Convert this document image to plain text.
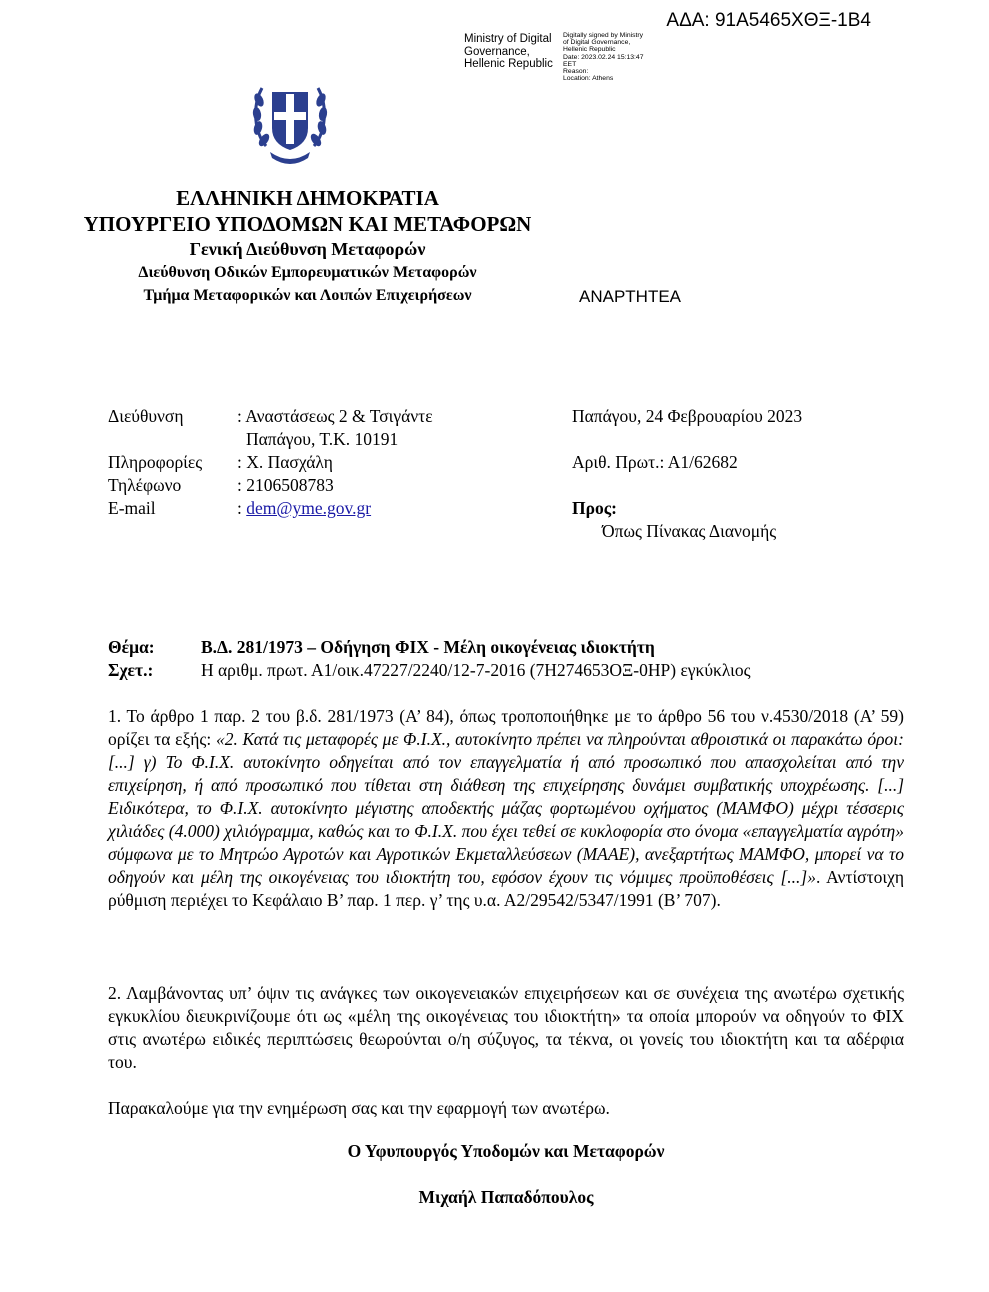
ΑΔΑ: 91Α5465ΧΘΞ-1Β4
Ministry of Digital
Governance,
Hellenic Republic
Digitally signed by Ministry
of Digital Governance,
Hellenic Republic
Date: 2023.02.24 15:13:47
EET
Reason:
Location: Athens
ΕΛΛΗΝΙΚΗ ΔΗΜΟΚΡΑΤΙΑ
ΥΠΟΥΡΓΕΙΟ ΥΠΟΔΟΜΩΝ ΚΑΙ ΜΕΤΑΦΟΡΩΝ
Γενική Διεύθυνση Μεταφορών
Διεύθυνση Οδικών Εμπορευματικών Μεταφορών
Τμήμα Μεταφορικών και Λοιπών Επιχειρήσεων	ΑΝΑΡΤΗΤΕΑ
Διεύθυνση	: Αναστάσεως 2 & Τσιγάντε
Παπάγου, Τ.Κ. 10191
Πληροφορίες	: Χ. Πασχάλη
Τηλέφωνο	: 2106508783
E-mail	: dem@yme.gov.gr
Παπάγου, 24 Φεβρουαρίου 2023
Αριθ. Πρωτ.: Α1/62682
Προς:
Όπως Πίνακας Διανομής
Θέμα:	Β.Δ. 281/1973 – Οδήγηση ΦΙΧ - Μέλη οικογένειας ιδιοκτήτη
Σχετ.:	Η αριθμ. πρωτ. Α1/οικ.47227/2240/12-7-2016 (7Η274653ΟΞ-0ΗΡ) εγκύκλιος
1. Το άρθρο 1 παρ. 2 του β.δ. 281/1973 (Α’ 84), όπως τροποποιήθηκε με το άρθρο 56 του ν.4530/2018 (Α’ 59) ορίζει τα εξής: «2. Κατά τις μεταφορές με Φ.Ι.Χ., αυτοκίνητο πρέπει να πληρούνται αθροιστικά οι παρακάτω όροι: [...] γ) Το Φ.Ι.Χ. αυτοκίνητο οδηγείται από τον επαγγελματία ή από προσωπικό που απασχολείται από την επιχείρηση, ή από προσωπικό που τίθεται στη διάθεση της επιχείρησης δυνάμει συμβατικής υποχρέωσης. [...] Ειδικότερα, το Φ.Ι.Χ. αυτοκίνητο μέγιστης αποδεκτής μάζας φορτωμένου οχήματος (ΜΑΜΦΟ) μέχρι τέσσερις χιλιάδες (4.000) χιλιόγραμμα, καθώς και το Φ.Ι.Χ. που έχει τεθεί σε κυκλοφορία στο όνομα «επαγγελματία αγρότη» σύμφωνα με το Μητρώο Αγροτών και Αγροτικών Εκμεταλλεύσεων (ΜΑΑΕ), ανεξαρτήτως ΜΑΜΦΟ, μπορεί να το οδηγούν και μέλη της οικογένειας του ιδιοκτήτη του, εφόσον έχουν τις νόμιμες προϋποθέσεις [...]». Αντίστοιχη ρύθμιση περιέχει το Κεφάλαιο Β’ παρ. 1 περ. γ’ της υ.α. Α2/29542/5347/1991 (Β’ 707).
2. Λαμβάνοντας υπ’ όψιν τις ανάγκες των οικογενειακών επιχειρήσεων και σε συνέχεια της ανωτέρω σχετικής εγκυκλίου διευκρινίζουμε ότι ως «μέλη της οικογένειας του ιδιοκτήτη» τα οποία μπορούν να οδηγούν το ΦΙΧ στις ανωτέρω ειδικές περιπτώσεις θεωρούνται ο/η σύζυγος, τα τέκνα, οι γονείς του ιδιοκτήτη και τα αδέρφια του.
Παρακαλούμε για την ενημέρωση σας και την εφαρμογή των ανωτέρω.
Ο Υφυπουργός Υποδομών και Μεταφορών
Μιχαήλ Παπαδόπουλος
